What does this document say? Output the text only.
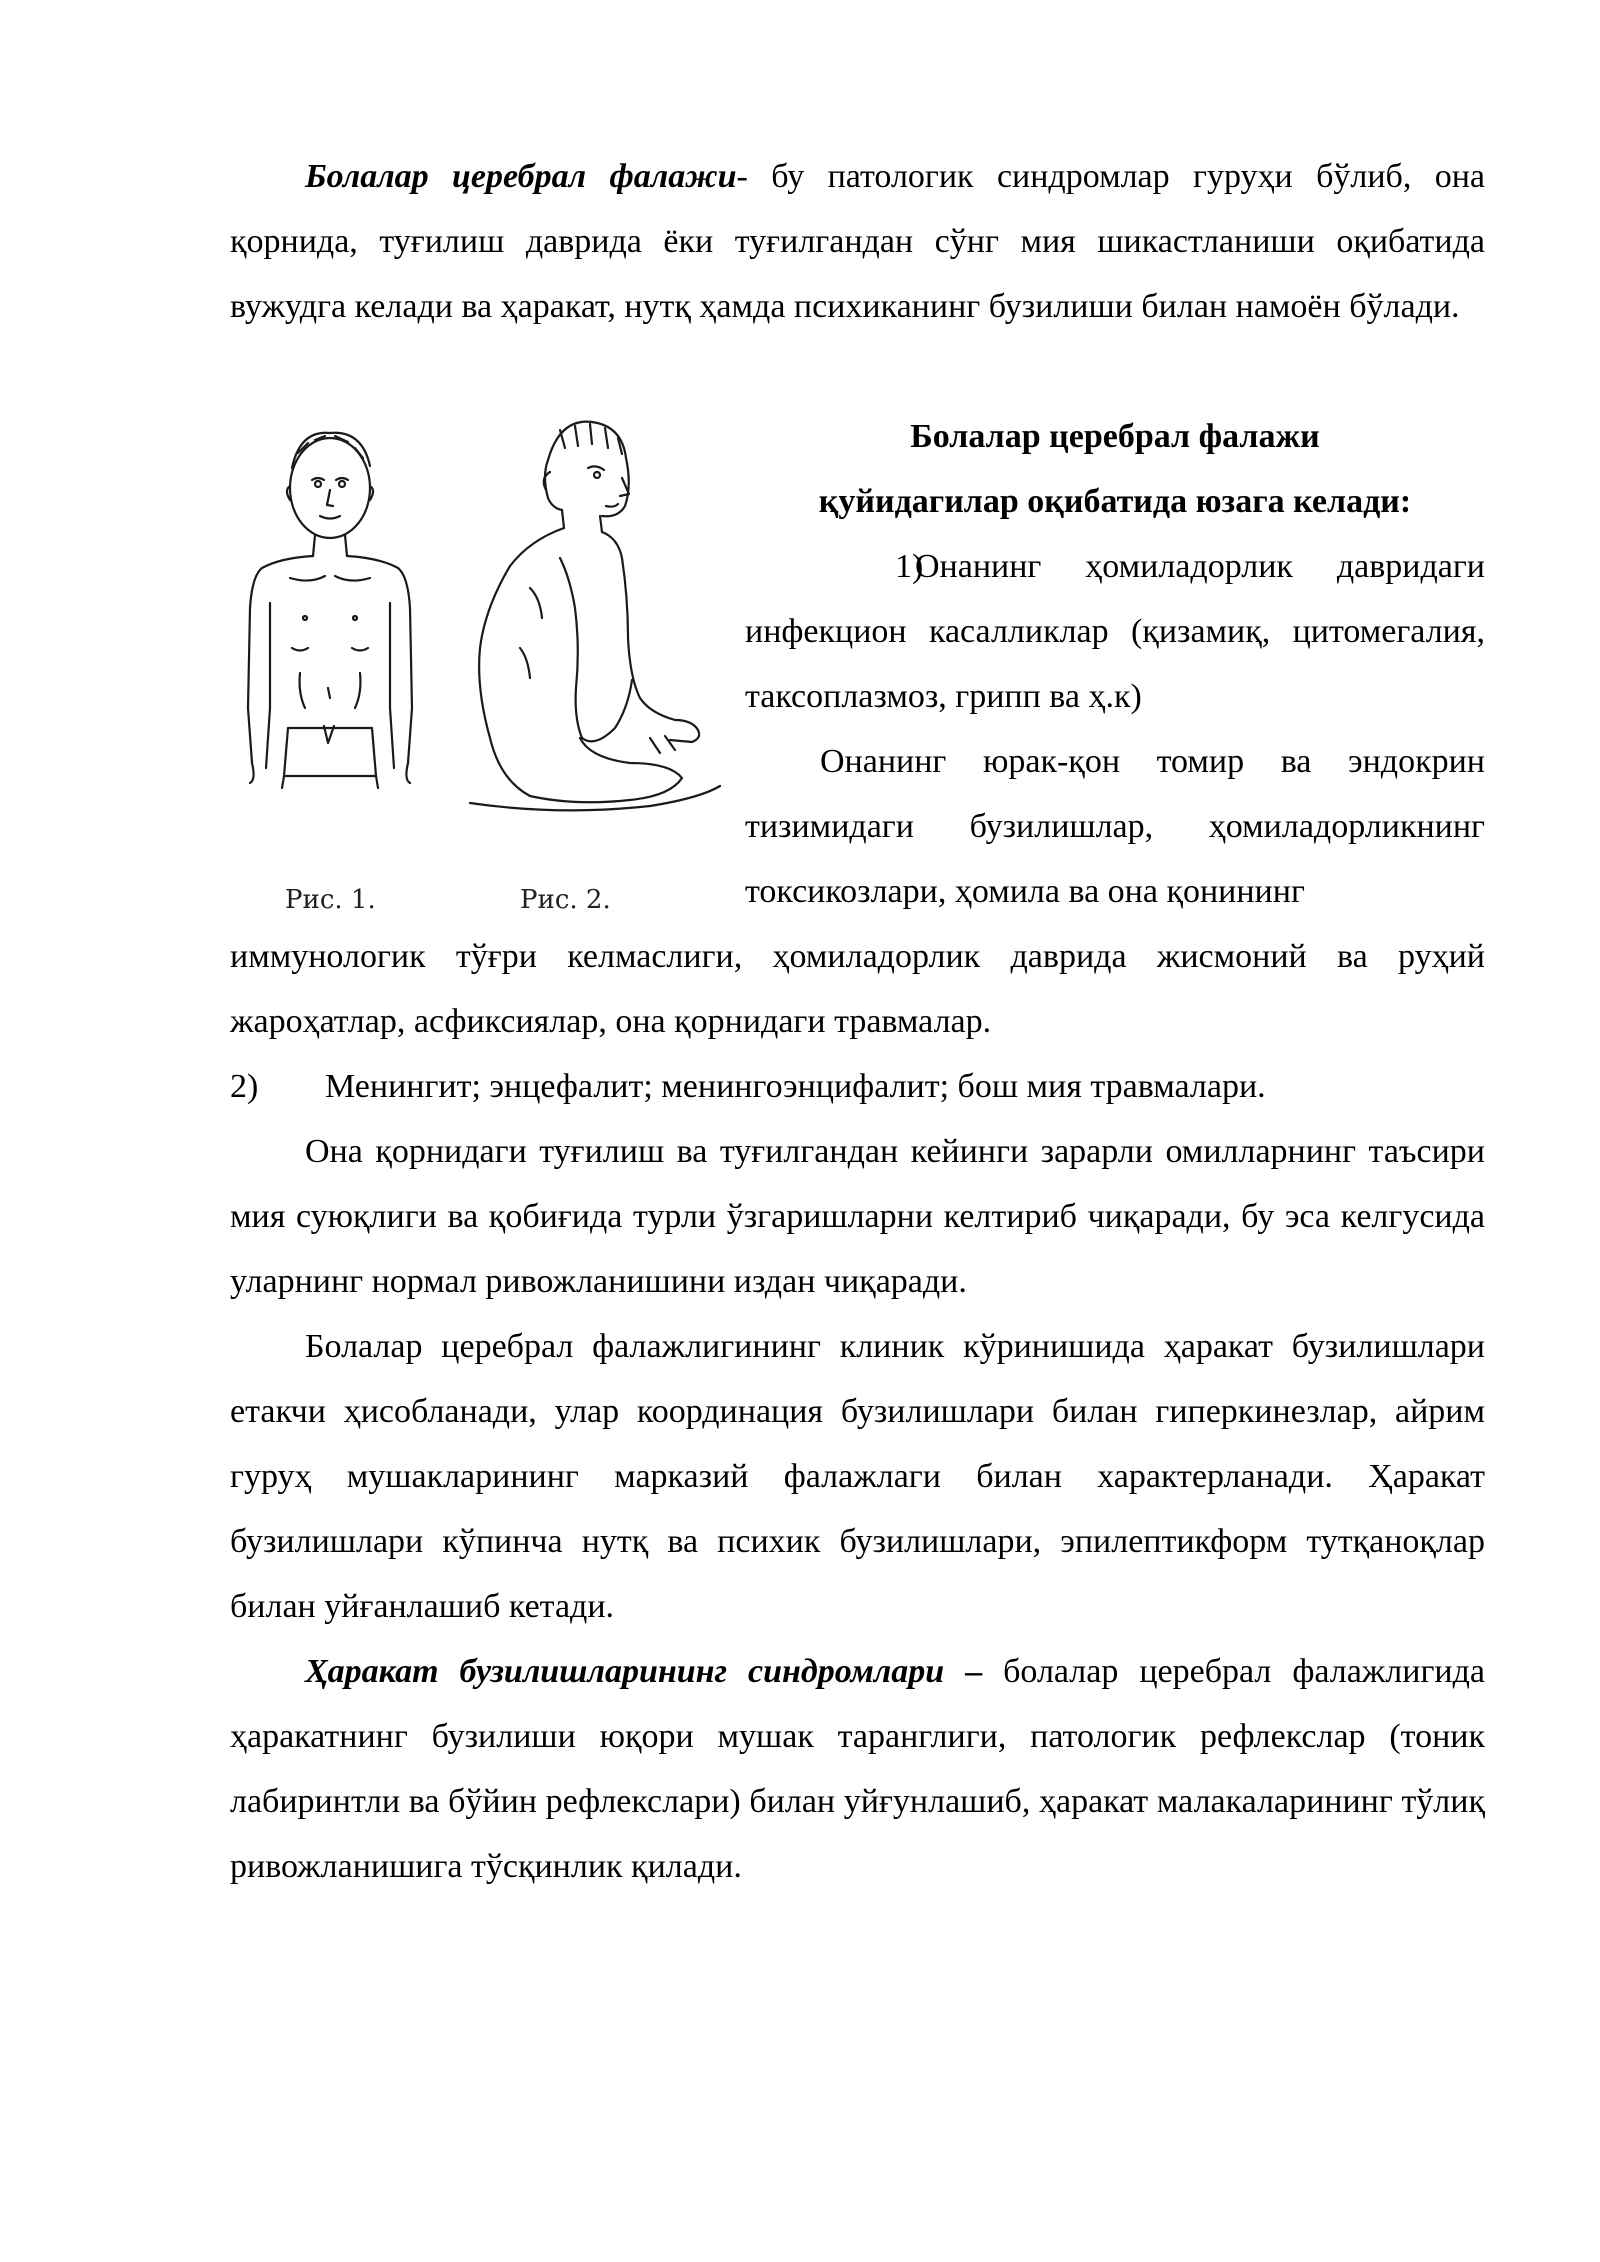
Болалар церебрал фалажи- бу патологик синдромлар гуруҳи бўлиб, она қорнида, туғилиш даврида ёки туғилгандан сўнг мия шикастланиши оқибатида вужудга келади ва ҳаракат, нутқ ҳамда психиканинг бузилиши билан намоён бўлади.

Рис. 1.	Рис. 2.

Болалар церебрал фалажи

қуйидагилар оқибатида юзага келади:

1)Онанинг ҳомиладорлик давридаги инфекцион касалликлар (қизамиқ, цитомегалия, таксоплазмоз, грипп ва ҳ.к)

Онанинг юрак-қон томир ва эндокрин тизимидаги бузилишлар, ҳомиладорликнинг токсикозлари, ҳомила ва она қонининг

иммунологик тўғри келмаслиги, ҳомиладорлик даврида жисмоний ва руҳий жароҳатлар, асфиксиялар, она қорнидаги травмалар.

2) Менингит; энцефалит; менингоэнцифалит; бош мия травмалари.

Она қорнидаги туғилиш ва туғилгандан кейинги зарарли омилларнинг таъсири мия суюқлиги ва қобиғида турли ўзгаришларни келтириб чиқаради, бу эса келгусида уларнинг нормал ривожланишини издан чиқаради.

Болалар церебрал фалажлигининг клиник кўринишида ҳаракат бузилишлари етакчи ҳисобланади, улар координация бузилишлари билан гиперкинезлар, айрим гуруҳ мушакларининг марказий фалажлаги билан характерланади. Ҳаракат бузилишлари кўпинча нутқ ва психик бузилишлари, эпилептикформ тутқаноқлар билан уйғанлашиб кетади.

Ҳаракат бузилишларининг синдромлари – болалар церебрал фалажлигида ҳаракатнинг бузилиши юқори мушак таранглиги, патологик рефлекслар (тоник лабиринтли ва бўйин рефлекслари) билан уйғунлашиб, ҳаракат малакаларининг тўлиқ ривожланишига тўсқинлик қилади.
